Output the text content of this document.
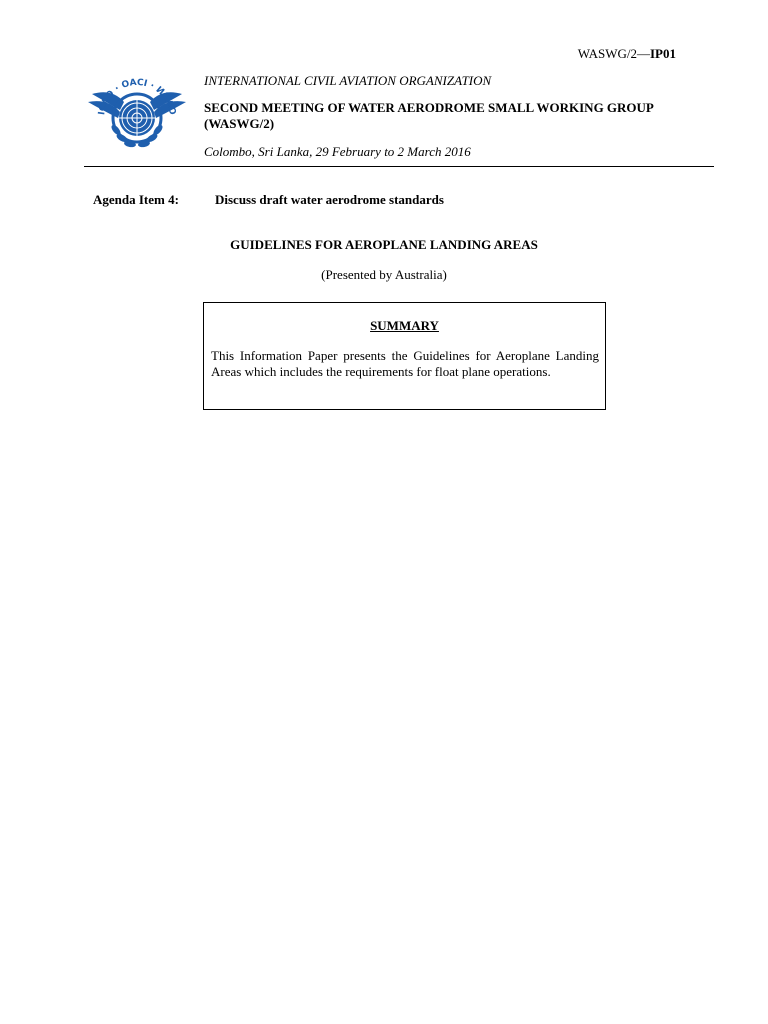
WASWG/2—IP01
ICAO · OACI · ИКАО

INTERNATIONAL CIVIL AVIATION ORGANIZATION

SECOND MEETING OF WATER AERODROME SMALL WORKING GROUP
(WASWG/2)

Colombo, Sri Lanka, 29 February to 2 March 2016

Agenda Item 4:	Discuss draft water aerodrome standards
GUIDELINES FOR AEROPLANE LANDING AREAS
(Presented by Australia)
SUMMARY
This Information Paper presents the Guidelines for Aeroplane Landing Areas which includes the requirements for float plane operations.
